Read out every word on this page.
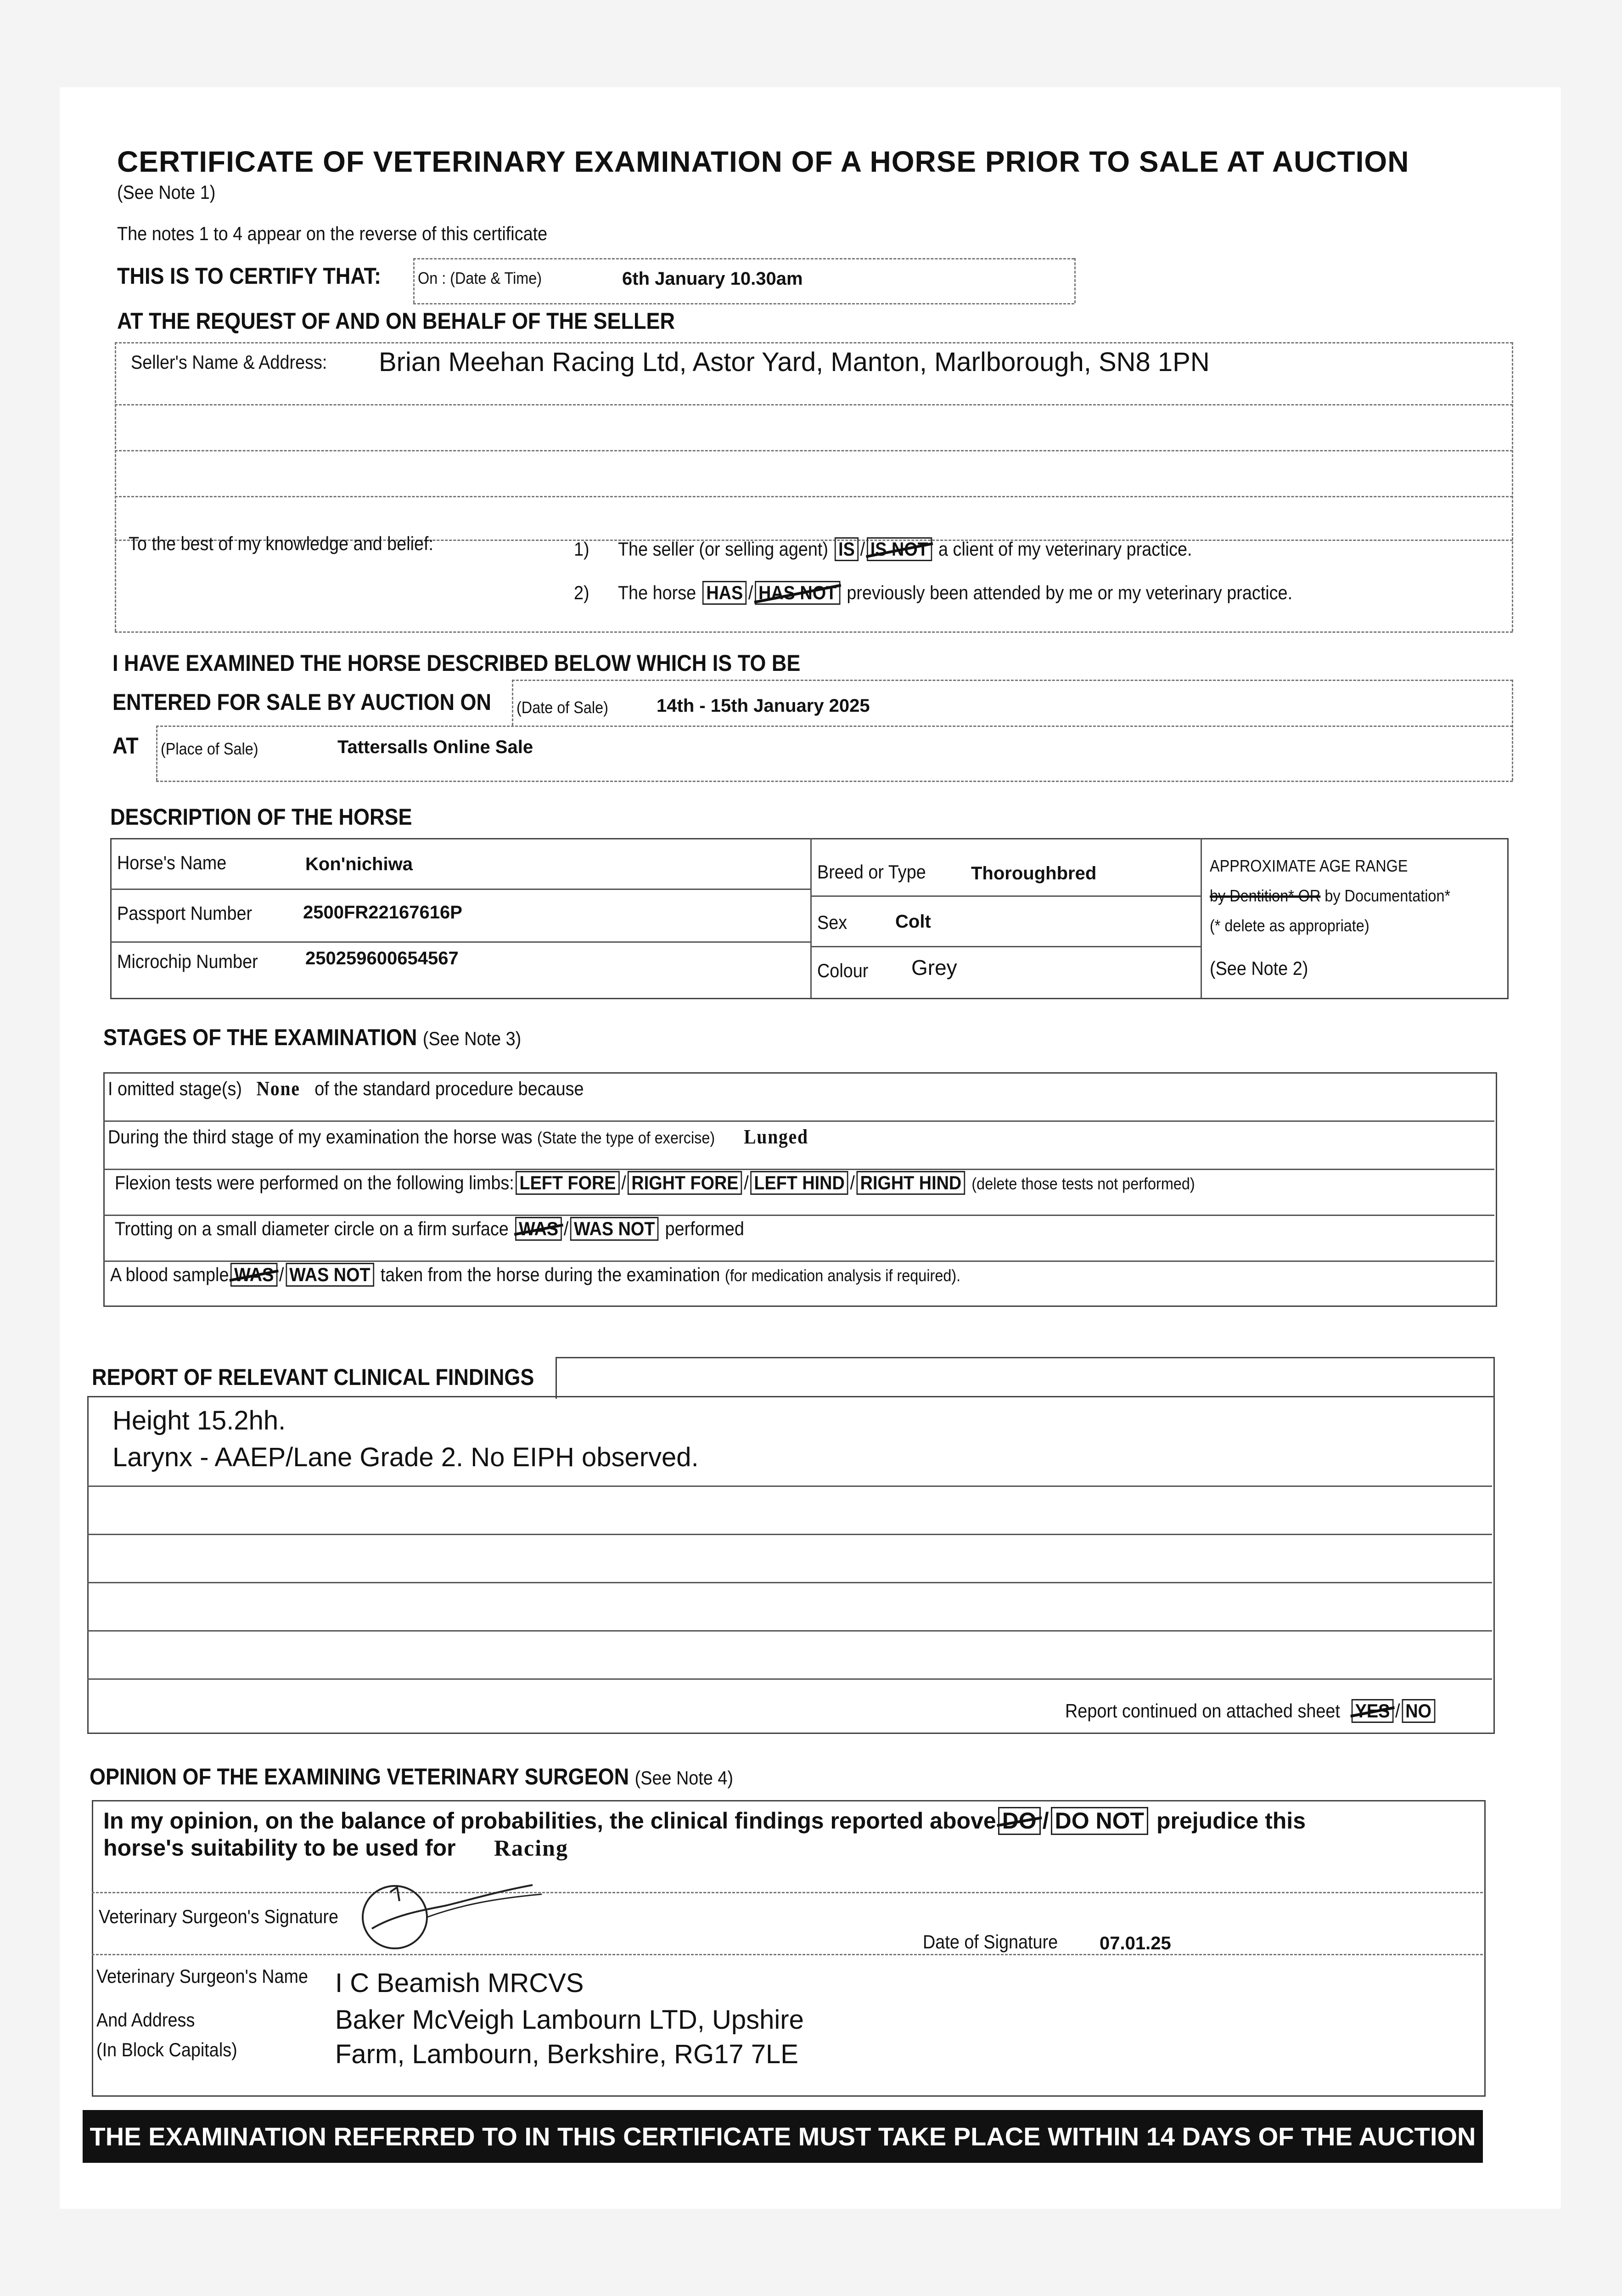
CERTIFICATE OF VETERINARY EXAMINATION OF A HORSE PRIOR TO SALE AT AUCTION
(See Note 1)
The notes 1 to 4 appear on the reverse of this certificate
THIS IS TO CERTIFY THAT: On : (Date & Time)	6th January 10.30am
AT THE REQUEST OF AND ON BEHALF OF THE SELLER
Seller's Name & Address: Brian Meehan Racing Ltd, Astor Yard, Manton, Marlborough, SN8 1PN
To the best of my knowledge and belief:	1) The seller (or selling agent) IS / IS NOT a client of my veterinary practice.
2) The horse HAS / HAS NOT previously been attended by me or my veterinary practice.
I HAVE EXAMINED THE HORSE DESCRIBED BELOW WHICH IS TO BE
ENTERED FOR SALE BY AUCTION ON (Date of Sale)	14th - 15th January 2025
AT (Place of Sale)	Tattersalls Online Sale
DESCRIPTION OF THE HORSE
Horse's Name	Kon'nichiwa
Passport Number	2500FR22167616P
Microchip Number	250259600654567
Breed or Type Thoroughbred
Sex	Colt
Colour Grey
APPROXIMATE AGE RANGE
by Dentition* OR by Documentation*
(* delete as appropriate)
(See Note 2)
STAGES OF THE EXAMINATION (See Note 3)
I omitted stage(s) None of the standard procedure because
During the third stage of my examination the horse was (State the type of exercise) Lunged
Flexion tests were performed on the following limbs: LEFT FORE / RIGHT FORE / LEFT HIND / RIGHT HIND (delete those tests not performed)
Trotting on a small diameter circle on a firm surface WAS / WAS NOT performed
A blood sample WAS / WAS NOT taken from the horse during the examination (for medication analysis if required).
REPORT OF RELEVANT CLINICAL FINDINGS
Height 15.2hh.
Larynx - AAEP/Lane Grade 2. No EIPH observed.
Report continued on attached sheet YES / NO
OPINION OF THE EXAMINING VETERINARY SURGEON (See Note 4)
In my opinion, on the balance of probabilities, the clinical findings reported above DO / DO NOT prejudice this
horse's suitability to be used for Racing
Veterinary Surgeon's Signature
Date of Signature 07.01.25
Veterinary Surgeon's Name I C Beamish MRCVS
And Address
(In Block Capitals)
Baker McVeigh Lambourn LTD, Upshire
Farm, Lambourn, Berkshire, RG17 7LE
THE EXAMINATION REFERRED TO IN THIS CERTIFICATE MUST TAKE PLACE WITHIN 14 DAYS OF THE AUCTION
